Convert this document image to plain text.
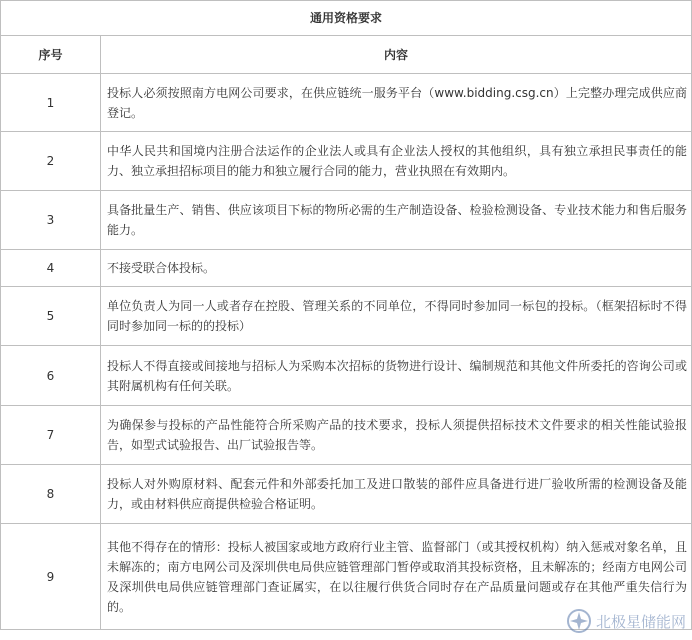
通用资格要求	
序号	内容
1	投标人必须按照南方电网公司要求，在供应链统一服务平台（www.bidding.csg.cn）上完整办理完成供应商登记。
2	中华人民共和国境内注册合法运作的企业法人或具有企业法人授权的其他组织，具有独立承担民事责任的能力、独立承担招标项目的能力和独立履行合同的能力，营业执照在有效期内。
3	具备批量生产、销售、供应该项目下标的物所必需的生产制造设备、检验检测设备、专业技术能力和售后服务能力。
4	不接受联合体投标。
5	单位负责人为同一人或者存在控股、管理关系的不同单位，不得同时参加同一标包的投标。（框架招标时不得同时参加同一标的的投标）
6	投标人不得直接或间接地与招标人为采购本次招标的货物进行设计、编制规范和其他文件所委托的咨询公司或其附属机构有任何关联。
7	为确保参与投标的产品性能符合所采购产品的技术要求，投标人须提供招标技术文件要求的相关性能试验报告，如型式试验报告、出厂试验报告等。
8	投标人对外购原材料、配套元件和外部委托加工及进口散装的部件应具备进行进厂验收所需的检测设备及能力，或由材料供应商提供检验合格证明。
9	其他不得存在的情形：投标人被国家或地方政府行业主管、监督部门（或其授权机构）纳入惩戒对象名单，且未解冻的；南方电网公司及深圳供电局供应链管理部门暂停或取消其投标资格，且未解冻的；经南方电网公司及深圳供电局供应链管理部门查证属实，在以往履行供货合同时存在产品质量问题或存在其他严重失信行为的。
北极星储能网
